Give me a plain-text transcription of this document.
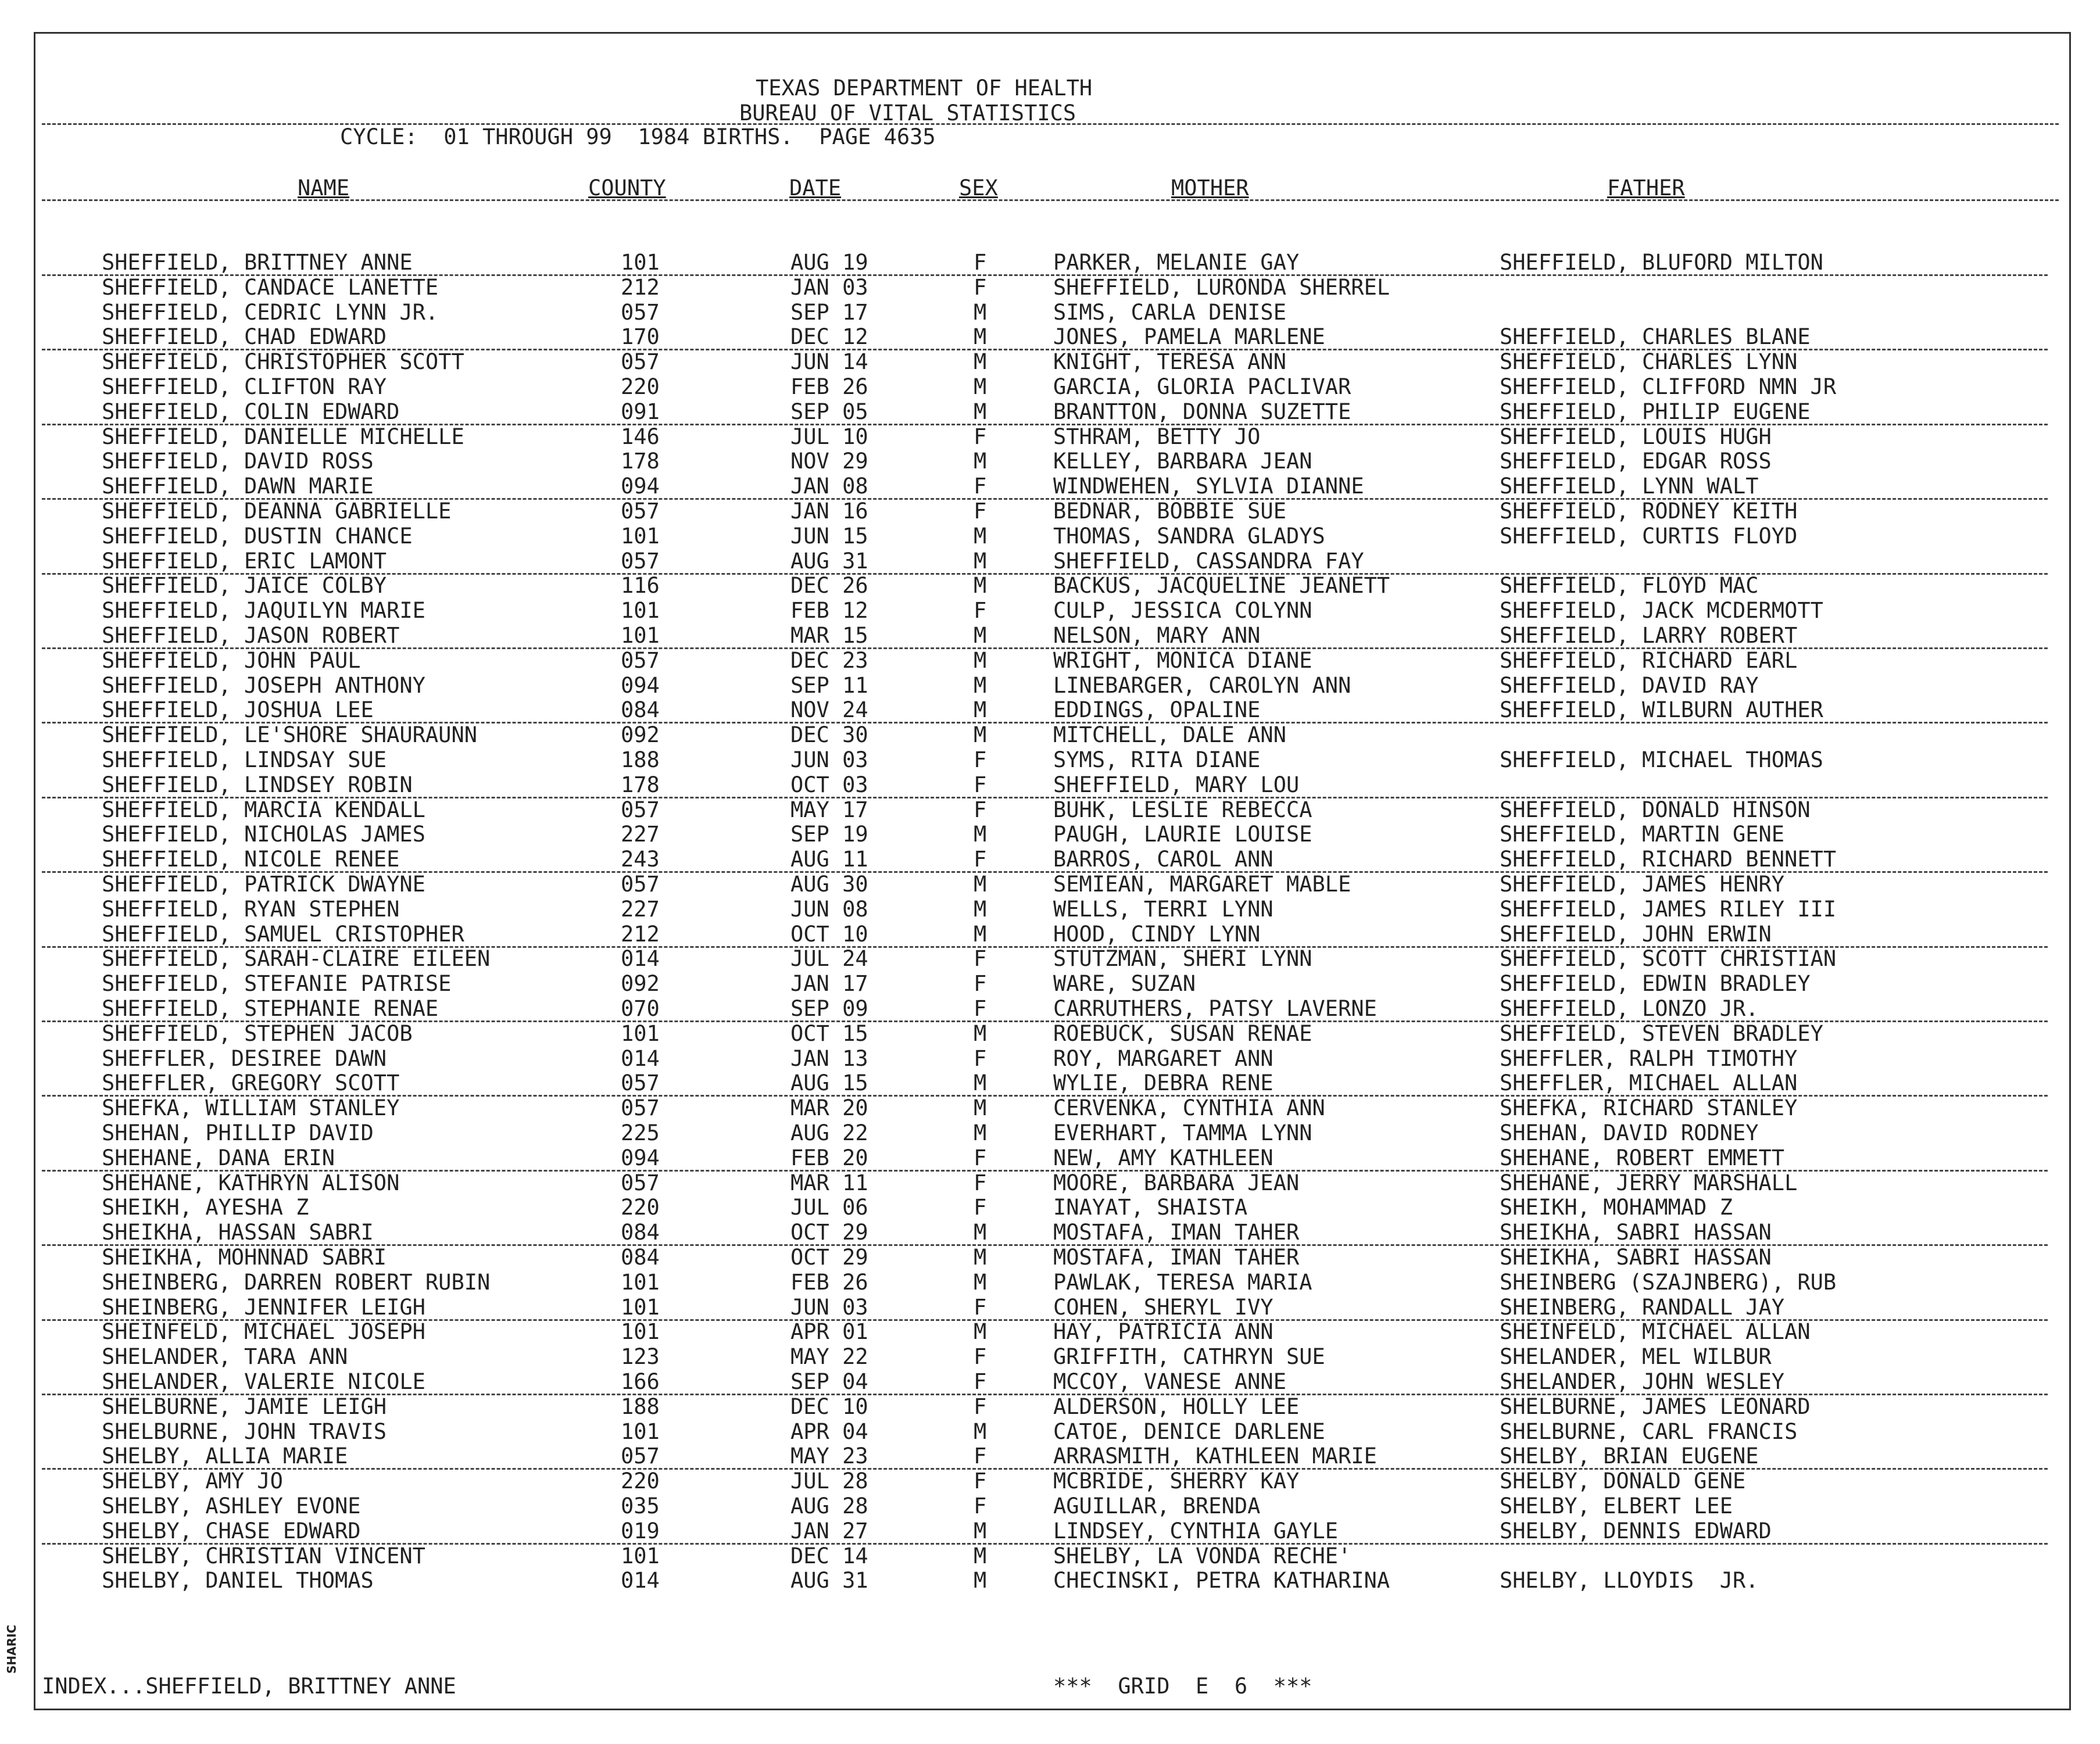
SHARIC
TEXAS DEPARTMENT OF HEALTH
BUREAU OF VITAL STATISTICS
CYCLE:  01 THROUGH 99  1984 BIRTHS.  PAGE 4635
NAME	COUNTY	DATE	SEX	MOTHER	FATHER
SHEFFIELD, BRITTNEY ANNE	101	AUG 19	F	PARKER, MELANIE GAY	SHEFFIELD, BLUFORD MILTON
SHEFFIELD, CANDACE LANETTE	212	JAN 03	F	SHEFFIELD, LURONDA SHERREL
SHEFFIELD, CEDRIC LYNN JR.	057	SEP 17	M	SIMS, CARLA DENISE
SHEFFIELD, CHAD EDWARD	170	DEC 12	M	JONES, PAMELA MARLENE	SHEFFIELD, CHARLES BLANE
SHEFFIELD, CHRISTOPHER SCOTT	057	JUN 14	M	KNIGHT, TERESA ANN	SHEFFIELD, CHARLES LYNN
SHEFFIELD, CLIFTON RAY	220	FEB 26	M	GARCIA, GLORIA PACLIVAR	SHEFFIELD, CLIFFORD NMN JR
SHEFFIELD, COLIN EDWARD	091	SEP 05	M	BRANTTON, DONNA SUZETTE	SHEFFIELD, PHILIP EUGENE
SHEFFIELD, DANIELLE MICHELLE	146	JUL 10	F	STHRAM, BETTY JO	SHEFFIELD, LOUIS HUGH
SHEFFIELD, DAVID ROSS	178	NOV 29	M	KELLEY, BARBARA JEAN	SHEFFIELD, EDGAR ROSS
SHEFFIELD, DAWN MARIE	094	JAN 08	F	WINDWEHEN, SYLVIA DIANNE	SHEFFIELD, LYNN WALT
SHEFFIELD, DEANNA GABRIELLE	057	JAN 16	F	BEDNAR, BOBBIE SUE	SHEFFIELD, RODNEY KEITH
SHEFFIELD, DUSTIN CHANCE	101	JUN 15	M	THOMAS, SANDRA GLADYS	SHEFFIELD, CURTIS FLOYD
SHEFFIELD, ERIC LAMONT	057	AUG 31	M	SHEFFIELD, CASSANDRA FAY
SHEFFIELD, JAICE COLBY	116	DEC 26	M	BACKUS, JACQUELINE JEANETT	SHEFFIELD, FLOYD MAC
SHEFFIELD, JAQUILYN MARIE	101	FEB 12	F	CULP, JESSICA COLYNN	SHEFFIELD, JACK MCDERMOTT
SHEFFIELD, JASON ROBERT	101	MAR 15	M	NELSON, MARY ANN	SHEFFIELD, LARRY ROBERT
SHEFFIELD, JOHN PAUL	057	DEC 23	M	WRIGHT, MONICA DIANE	SHEFFIELD, RICHARD EARL
SHEFFIELD, JOSEPH ANTHONY	094	SEP 11	M	LINEBARGER, CAROLYN ANN	SHEFFIELD, DAVID RAY
SHEFFIELD, JOSHUA LEE	084	NOV 24	M	EDDINGS, OPALINE	SHEFFIELD, WILBURN AUTHER
SHEFFIELD, LE'SHORE SHAURAUNN	092	DEC 30	M	MITCHELL, DALE ANN
SHEFFIELD, LINDSAY SUE	188	JUN 03	F	SYMS, RITA DIANE	SHEFFIELD, MICHAEL THOMAS
SHEFFIELD, LINDSEY ROBIN	178	OCT 03	F	SHEFFIELD, MARY LOU
SHEFFIELD, MARCIA KENDALL	057	MAY 17	F	BUHK, LESLIE REBECCA	SHEFFIELD, DONALD HINSON
SHEFFIELD, NICHOLAS JAMES	227	SEP 19	M	PAUGH, LAURIE LOUISE	SHEFFIELD, MARTIN GENE
SHEFFIELD, NICOLE RENEE	243	AUG 11	F	BARROS, CAROL ANN	SHEFFIELD, RICHARD BENNETT
SHEFFIELD, PATRICK DWAYNE	057	AUG 30	M	SEMIEAN, MARGARET MABLE	SHEFFIELD, JAMES HENRY
SHEFFIELD, RYAN STEPHEN	227	JUN 08	M	WELLS, TERRI LYNN	SHEFFIELD, JAMES RILEY III
SHEFFIELD, SAMUEL CRISTOPHER	212	OCT 10	M	HOOD, CINDY LYNN	SHEFFIELD, JOHN ERWIN
SHEFFIELD, SARAH-CLAIRE EILEEN	014	JUL 24	F	STUTZMAN, SHERI LYNN	SHEFFIELD, SCOTT CHRISTIAN
SHEFFIELD, STEFANIE PATRISE	092	JAN 17	F	WARE, SUZAN	SHEFFIELD, EDWIN BRADLEY
SHEFFIELD, STEPHANIE RENAE	070	SEP 09	F	CARRUTHERS, PATSY LAVERNE	SHEFFIELD, LONZO JR.
SHEFFIELD, STEPHEN JACOB	101	OCT 15	M	ROEBUCK, SUSAN RENAE	SHEFFIELD, STEVEN BRADLEY
SHEFFLER, DESIREE DAWN	014	JAN 13	F	ROY, MARGARET ANN	SHEFFLER, RALPH TIMOTHY
SHEFFLER, GREGORY SCOTT	057	AUG 15	M	WYLIE, DEBRA RENE	SHEFFLER, MICHAEL ALLAN
SHEFKA, WILLIAM STANLEY	057	MAR 20	M	CERVENKA, CYNTHIA ANN	SHEFKA, RICHARD STANLEY
SHEHAN, PHILLIP DAVID	225	AUG 22	M	EVERHART, TAMMA LYNN	SHEHAN, DAVID RODNEY
SHEHANE, DANA ERIN	094	FEB 20	F	NEW, AMY KATHLEEN	SHEHANE, ROBERT EMMETT
SHEHANE, KATHRYN ALISON	057	MAR 11	F	MOORE, BARBARA JEAN	SHEHANE, JERRY MARSHALL
SHEIKH, AYESHA Z	220	JUL 06	F	INAYAT, SHAISTA	SHEIKH, MOHAMMAD Z
SHEIKHA, HASSAN SABRI	084	OCT 29	M	MOSTAFA, IMAN TAHER	SHEIKHA, SABRI HASSAN
SHEIKHA, MOHNNAD SABRI	084	OCT 29	M	MOSTAFA, IMAN TAHER	SHEIKHA, SABRI HASSAN
SHEINBERG, DARREN ROBERT RUBIN	101	FEB 26	M	PAWLAK, TERESA MARIA	SHEINBERG (SZAJNBERG), RUB
SHEINBERG, JENNIFER LEIGH	101	JUN 03	F	COHEN, SHERYL IVY	SHEINBERG, RANDALL JAY
SHEINFELD, MICHAEL JOSEPH	101	APR 01	M	HAY, PATRICIA ANN	SHEINFELD, MICHAEL ALLAN
SHELANDER, TARA ANN	123	MAY 22	F	GRIFFITH, CATHRYN SUE	SHELANDER, MEL WILBUR
SHELANDER, VALERIE NICOLE	166	SEP 04	F	MCCOY, VANESE ANNE	SHELANDER, JOHN WESLEY
SHELBURNE, JAMIE LEIGH	188	DEC 10	F	ALDERSON, HOLLY LEE	SHELBURNE, JAMES LEONARD
SHELBURNE, JOHN TRAVIS	101	APR 04	M	CATOE, DENICE DARLENE	SHELBURNE, CARL FRANCIS
SHELBY, ALLIA MARIE	057	MAY 23	F	ARRASMITH, KATHLEEN MARIE	SHELBY, BRIAN EUGENE
SHELBY, AMY JO	220	JUL 28	F	MCBRIDE, SHERRY KAY	SHELBY, DONALD GENE
SHELBY, ASHLEY EVONE	035	AUG 28	F	AGUILLAR, BRENDA	SHELBY, ELBERT LEE
SHELBY, CHASE EDWARD	019	JAN 27	M	LINDSEY, CYNTHIA GAYLE	SHELBY, DENNIS EDWARD
SHELBY, CHRISTIAN VINCENT	101	DEC 14	M	SHELBY, LA VONDA RECHE'
SHELBY, DANIEL THOMAS	014	AUG 31	M	CHECINSKI, PETRA KATHARINA	SHELBY, LLOYDIS  JR.
INDEX...SHEFFIELD, BRITTNEY ANNE	***  GRID  E  6  ***
